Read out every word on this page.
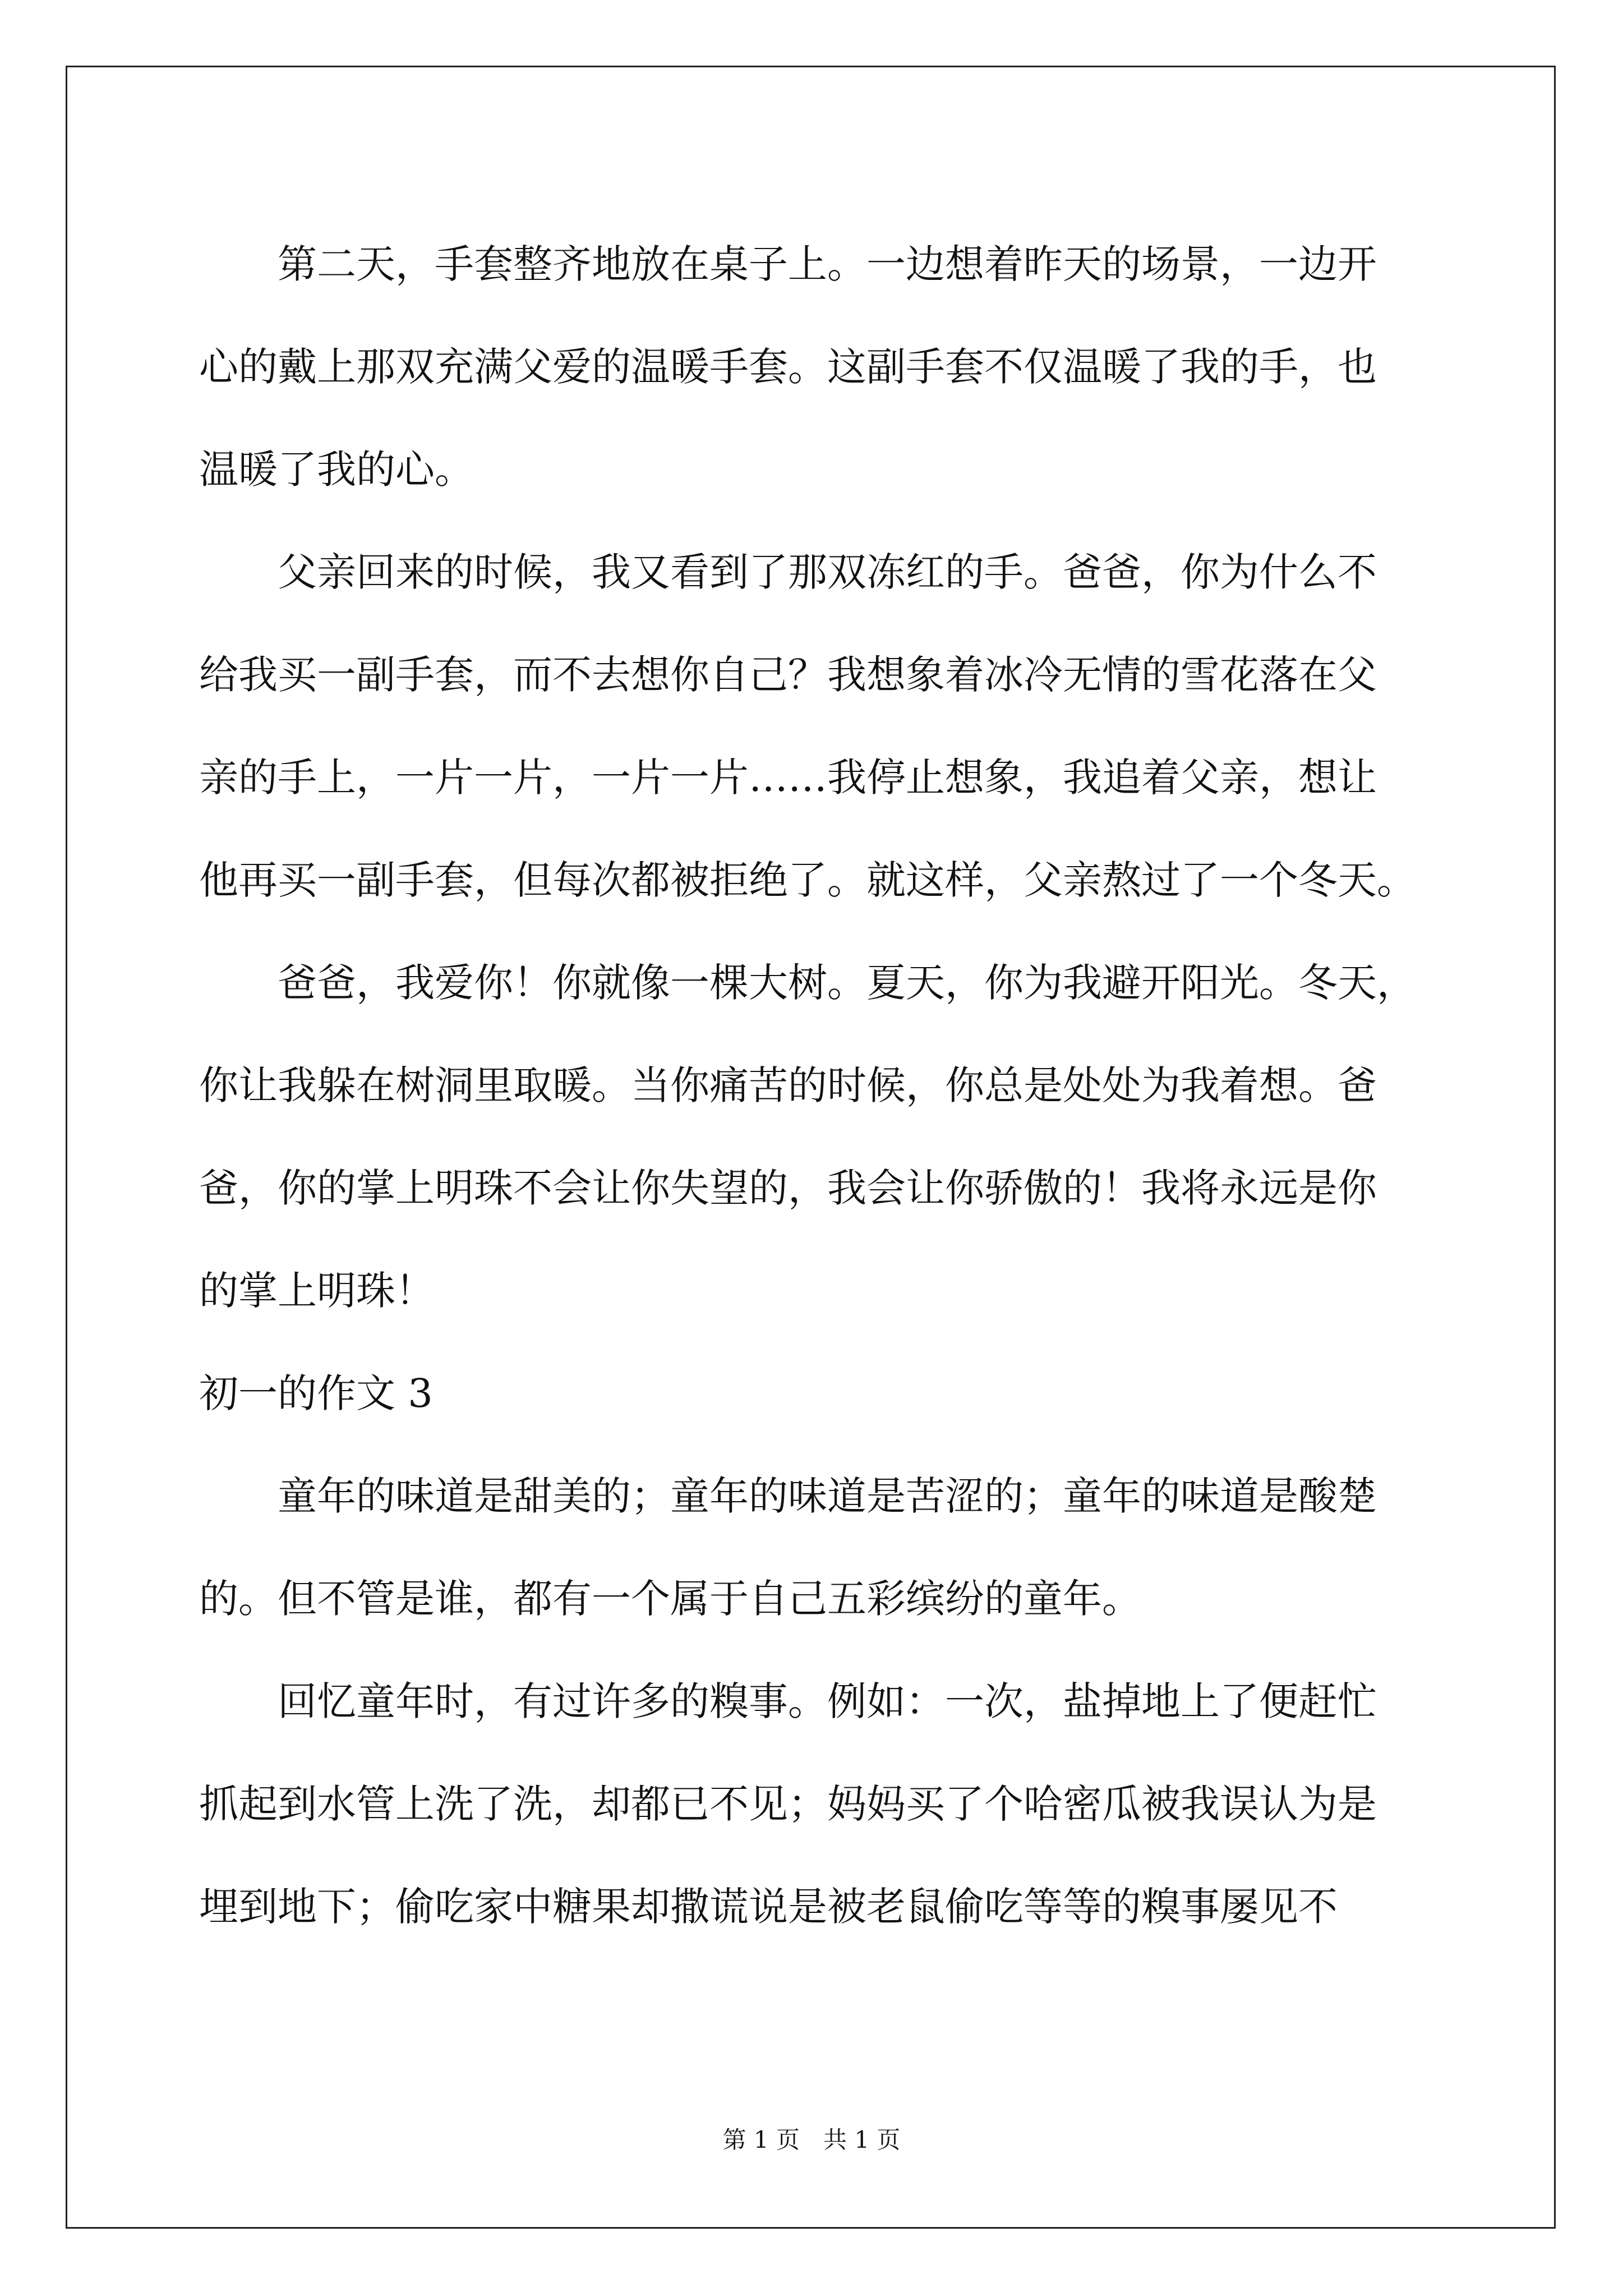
　　第二天，手套整齐地放在桌子上。一边想着昨天的场景，一边开
心的戴上那双充满父爱的温暖手套。这副手套不仅温暖了我的手，也
温暖了我的心。
　　父亲回来的时候，我又看到了那双冻红的手。爸爸，你为什么不
给我买一副手套，而不去想你自己？我想象着冰冷无情的雪花落在父
亲的手上，一片一片，一片一片……我停止想象，我追着父亲，想让
他再买一副手套，但每次都被拒绝了。就这样，父亲熬过了一个冬天。
　　爸爸，我爱你！你就像一棵大树。夏天，你为我避开阳光。冬天，
你让我躲在树洞里取暖。当你痛苦的时候，你总是处处为我着想。爸
爸，你的掌上明珠不会让你失望的，我会让你骄傲的！我将永远是你
的掌上明珠！
初一的作文 3
　　童年的味道是甜美的；童年的味道是苦涩的；童年的味道是酸楚
的。但不管是谁，都有一个属于自己五彩缤纷的童年。
　　回忆童年时，有过许多的糗事。例如：一次，盐掉地上了便赶忙
抓起到水管上洗了洗，却都已不见；妈妈买了个哈密瓜被我误认为是
埋到地下；偷吃家中糖果却撒谎说是被老鼠偷吃等等的糗事屡见不
第 1 页　共 1 页
